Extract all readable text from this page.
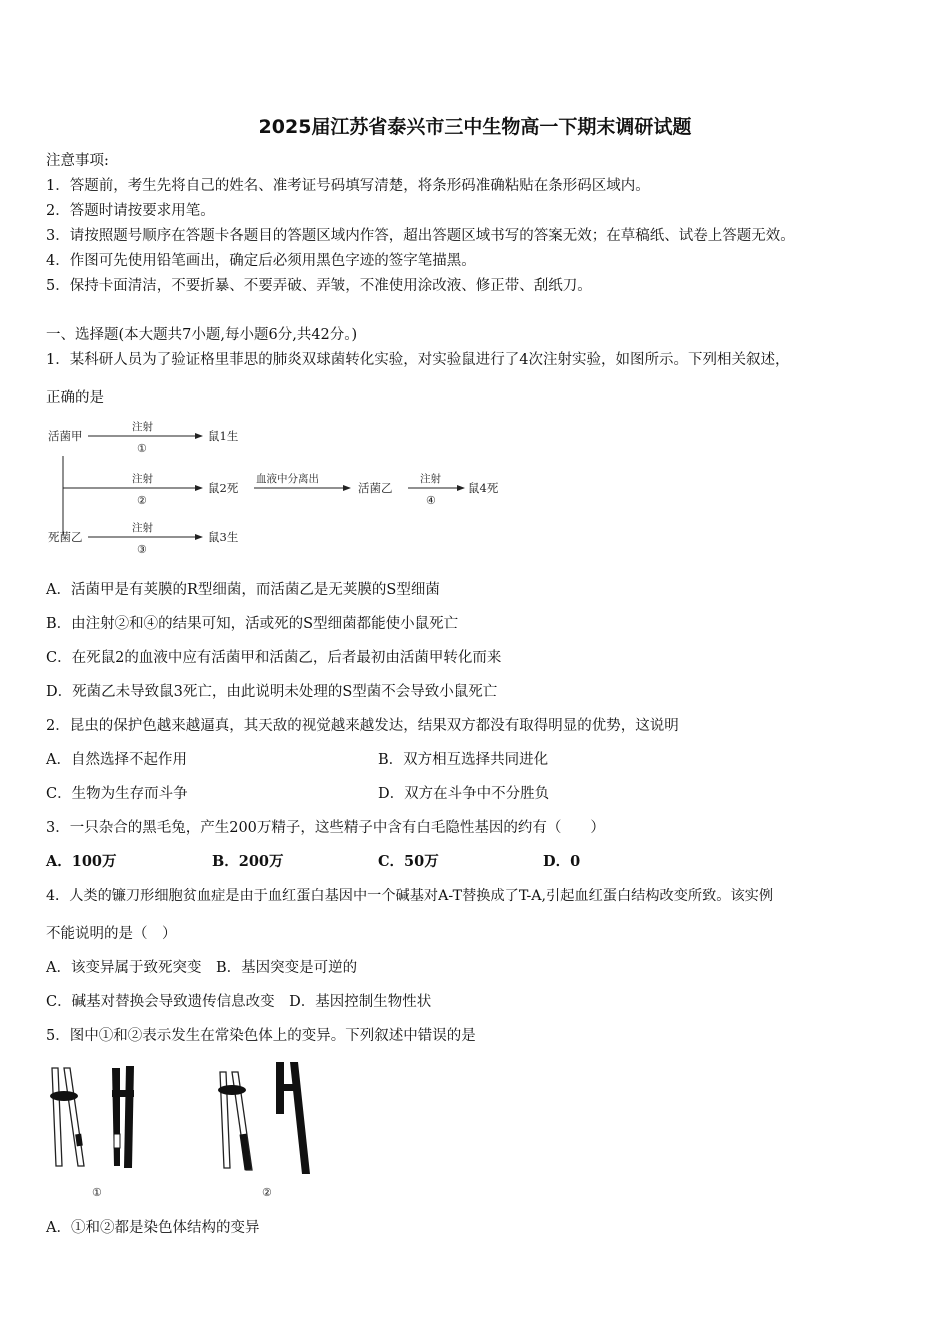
2025届江苏省泰兴市三中生物高一下期末调研试题
注意事项:
1．答题前，考生先将自己的姓名、准考证号码填写清楚，将条形码准确粘贴在条形码区域内。
2．答题时请按要求用笔。
3．请按照题号顺序在答题卡各题目的答题区域内作答，超出答题区域书写的答案无效；在草稿纸、试卷上答题无效。
4．作图可先使用铅笔画出，确定后必须用黑色字迹的签字笔描黑。
5．保持卡面清洁，不要折暴、不要弄破、弄皱，不准使用涂改液、修正带、刮纸刀。
一、选择题(本大题共7小题,每小题6分,共42分。)
1．某科研人员为了验证格里菲思的肺炎双球菌转化实验，对实验鼠进行了4次注射实验，如图所示。下列相关叙述，
正确的是
活菌甲
注射
①
鼠1生
注射
②
鼠2死
血液中分离出
活菌乙
注射
④
鼠4死
死菌乙
注射
③
鼠3生
A．活菌甲是有荚膜的R型细菌，而活菌乙是无荚膜的S型细菌
B．由注射②和④的结果可知，活或死的S型细菌都能使小鼠死亡
C．在死鼠2的血液中应有活菌甲和活菌乙，后者最初由活菌甲转化而来
D．死菌乙未导致鼠3死亡，由此说明未处理的S型菌不会导致小鼠死亡
2．昆虫的保护色越来越逼真，其天敌的视觉越来越发达，结果双方都没有取得明显的优势，这说明
A．自然选择不起作用	B．双方相互选择共同进化
C．生物为生存而斗争	D．双方在斗争中不分胜负
3．一只杂合的黑毛兔，产生200万精子，这些精子中含有白毛隐性基因的约有（　　）
A．100万	B．200万	C．50万	D．0
4．人类的镰刀形细胞贫血症是由于血红蛋白基因中一个碱基对A-T替换成了T-A,引起血红蛋白结构改变所致。该实例
不能说明的是（　）
A．该变异属于致死突变　B．基因突变是可逆的
C．碱基对替换会导致遗传信息改变　D．基因控制生物性状
5．图中①和②表示发生在常染色体上的变异。下列叙述中错误的是
①	②
A．①和②都是染色体结构的变异
